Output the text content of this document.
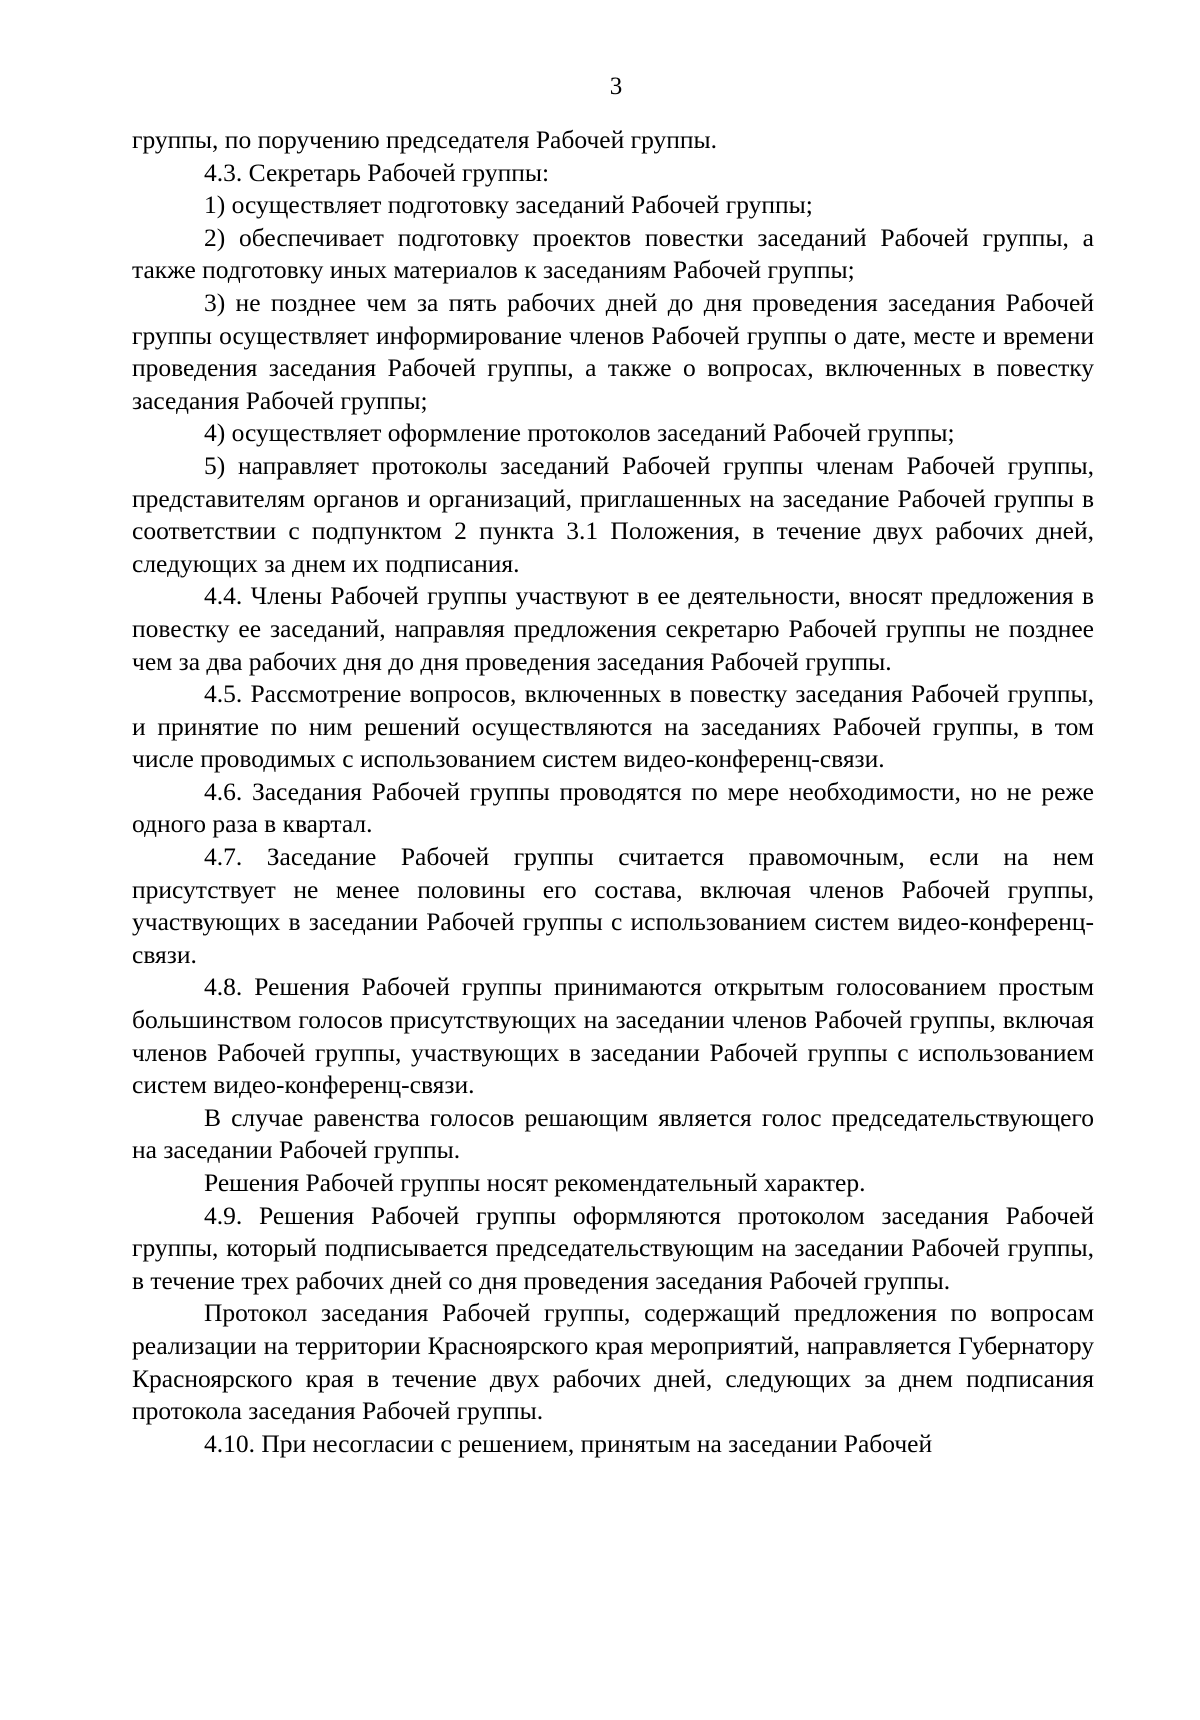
3

группы, по поручению председателя Рабочей группы.

4.3. Секретарь Рабочей группы:

1) осуществляет подготовку заседаний Рабочей группы;

2) обеспечивает подготовку проектов повестки заседаний Рабочей группы, а также подготовку иных материалов к заседаниям Рабочей группы;

3) не позднее чем за пять рабочих дней до дня проведения заседания Рабочей группы осуществляет информирование членов Рабочей группы о дате, месте и времени проведения заседания Рабочей группы, а также о вопросах, включенных в повестку заседания Рабочей группы;

4) осуществляет оформление протоколов заседаний Рабочей группы;

5) направляет протоколы заседаний Рабочей группы членам Рабочей группы, представителям органов и организаций, приглашенных на заседание Рабочей группы в соответствии с подпунктом 2 пункта 3.1 Положения, в течение двух рабочих дней, следующих за днем их подписания.

4.4. Члены Рабочей группы участвуют в ее деятельности, вносят предложения в повестку ее заседаний, направляя предложения секретарю Рабочей группы не позднее чем за два рабочих дня до дня проведения заседания Рабочей группы.

4.5. Рассмотрение вопросов, включенных в повестку заседания Рабочей группы, и принятие по ним решений осуществляются на заседаниях Рабочей группы, в том числе проводимых с использованием систем видео-конференц-связи.

4.6. Заседания Рабочей группы проводятся по мере необходимости, но не реже одного раза в квартал.

4.7. Заседание Рабочей группы считается правомочным, если на нем присутствует не менее половины его состава, включая членов Рабочей группы, участвующих в заседании Рабочей группы с использованием систем видео-конференц-связи.

4.8. Решения Рабочей группы принимаются открытым голосованием простым большинством голосов присутствующих на заседании членов Рабочей группы, включая членов Рабочей группы, участвующих в заседании Рабочей группы с использованием систем видео-конференц-связи.

В случае равенства голосов решающим является голос председательствующего на заседании Рабочей группы.

Решения Рабочей группы носят рекомендательный характер.

4.9. Решения Рабочей группы оформляются протоколом заседания Рабочей группы, который подписывается председательствующим на заседании Рабочей группы, в течение трех рабочих дней со дня проведения заседания Рабочей группы.

Протокол заседания Рабочей группы, содержащий предложения по вопросам реализации на территории Красноярского края мероприятий, направляется Губернатору Красноярского края в течение двух рабочих дней, следующих за днем подписания протокола заседания Рабочей группы.

4.10. При несогласии с решением, принятым на заседании Рабочей
